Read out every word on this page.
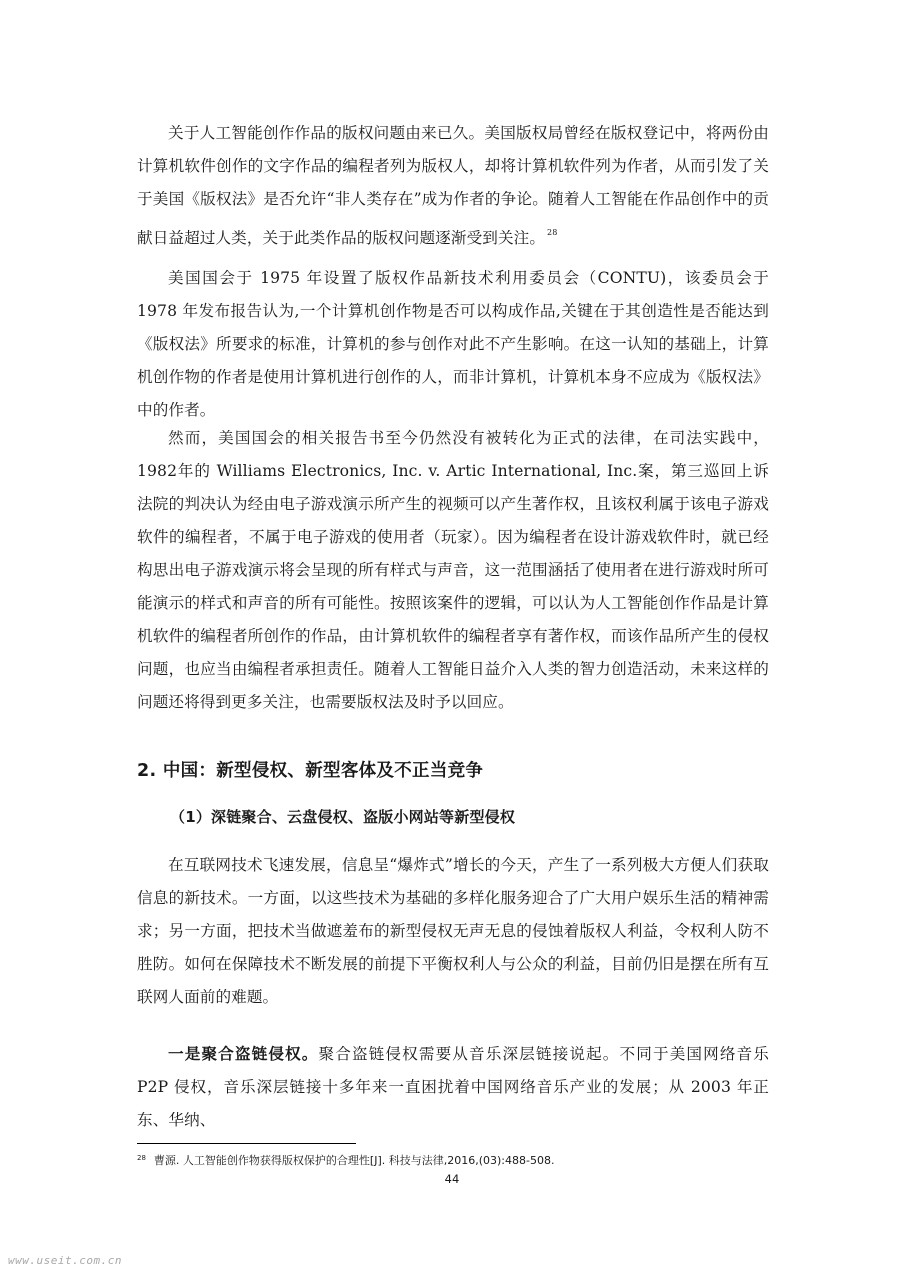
关于人工智能创作作品的版权问题由来已久。美国版权局曾经在版权登记中，将两份由计算机软件创作的文字作品的编程者列为版权人，却将计算机软件列为作者，从而引发了关于美国《版权法》是否允许“非人类存在”成为作者的争论。随着人工智能在作品创作中的贡献日益超过人类，关于此类作品的版权问题逐渐受到关注。 $^{28}$

美国国会于 1975 年设置了版权作品新技术利用委员会（CONTU)，该委员会于 1978 年发布报告认为,一个计算机创作物是否可以构成作品,关键在于其创造性是否能达到《版权法》所要求的标准，计算机的参与创作对此不产生影响。在这一认知的基础上，计算机创作物的作者是使用计算机进行创作的人，而非计算机，计算机本身不应成为《版权法》中的作者。

然而，美国国会的相关报告书至今仍然没有被转化为正式的法律，在司法实践中，1982年的 Williams Electronics, Inc. v. Artic International, Inc.案，第三巡回上诉法院的判决认为经由电子游戏演示所产生的视频可以产生著作权，且该权利属于该电子游戏软件的编程者，不属于电子游戏的使用者（玩家）。因为编程者在设计游戏软件时，就已经构思出电子游戏演示将会呈现的所有样式与声音，这一范围涵括了使用者在进行游戏时所可能演示的样式和声音的所有可能性。按照该案件的逻辑，可以认为人工智能创作作品是计算机软件的编程者所创作的作品，由计算机软件的编程者享有著作权，而该作品所产生的侵权问题，也应当由编程者承担责任。随着人工智能日益介入人类的智力创造活动，未来这样的问题还将得到更多关注，也需要版权法及时予以回应。

2. 中国：新型侵权、新型客体及不正当竞争
（1）深链聚合、云盘侵权、盗版小网站等新型侵权

在互联网技术飞速发展，信息呈“爆炸式”增长的今天，产生了一系列极大方便人们获取信息的新技术。一方面，以这些技术为基础的多样化服务迎合了广大用户娱乐生活的精神需求；另一方面，把技术当做遮羞布的新型侵权无声无息的侵蚀着版权人利益，令权利人防不胜防。如何在保障技术不断发展的前提下平衡权利人与公众的利益，目前仍旧是摆在所有互联网人面前的难题。

一是聚合盗链侵权。聚合盗链侵权需要从音乐深层链接说起。不同于美国网络音乐 P2P 侵权，音乐深层链接十多年来一直困扰着中国网络音乐产业的发展；从 2003 年正东、华纳、

$^{28}$ 曹源. 人工智能创作物获得版权保护的合理性[J]. 科技与法律,2016,(03):488-508.
44
www.useit.com.cn
